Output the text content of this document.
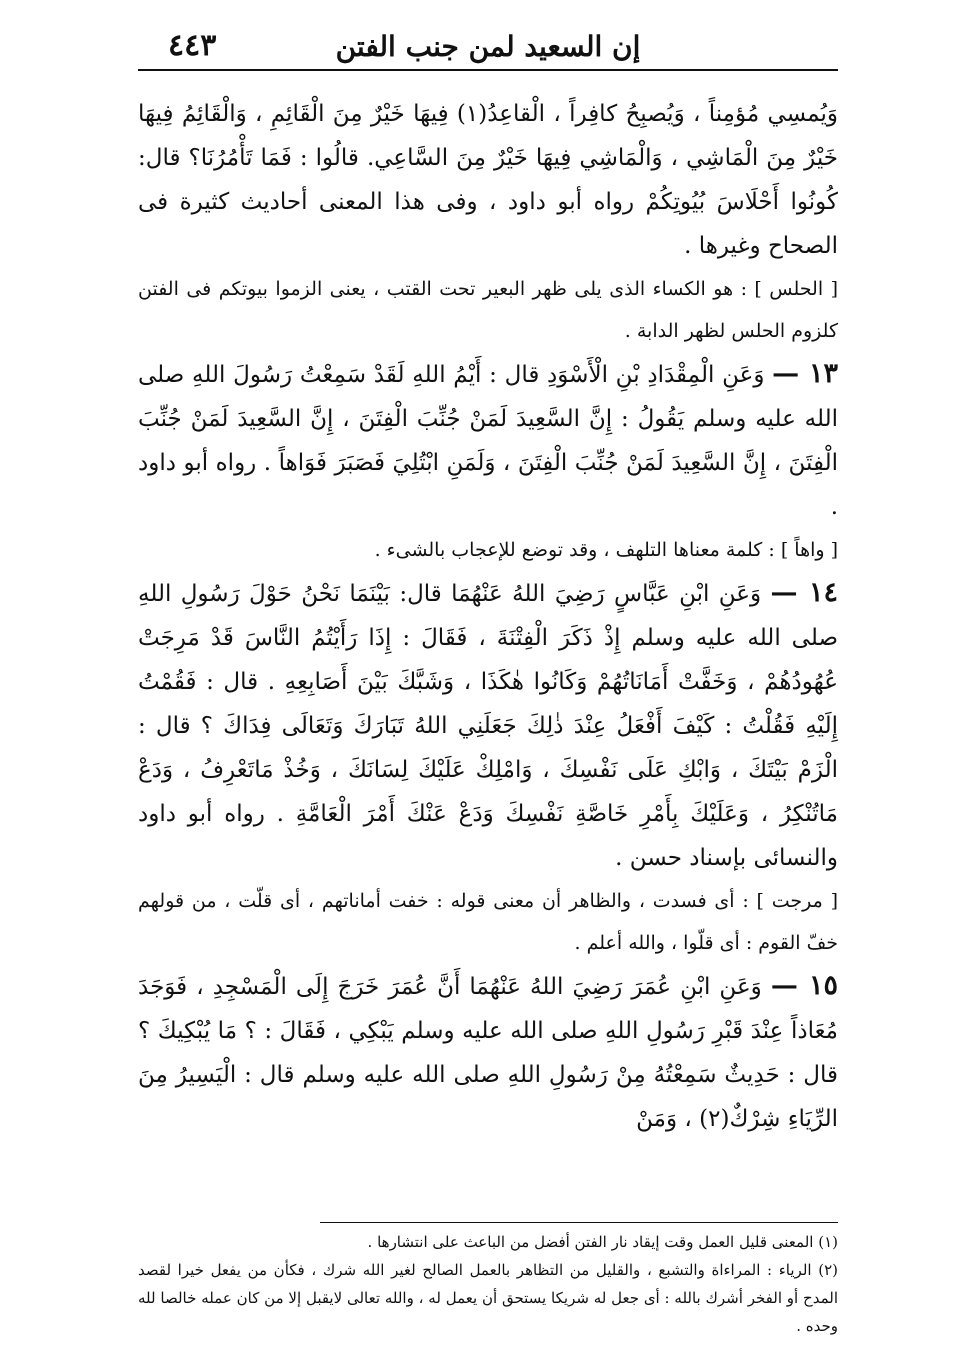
٤٤٣	إن السعيد لمن جنب الفتن

وَيُمسِي مُؤمِناً ، وَيُصبِحُ كافِراً ، الْقاعِدُ(١) فِيهَا خَيْرٌ مِنَ الْقَائِمِ ، وَالْقَائِمُ فِيهَا خَيْرٌ مِنَ الْمَاشِي ، وَالْمَاشِي فِيهَا خَيْرٌ مِنَ السَّاعِي. قالُوا : فَمَا تَأْمُرُنَا؟ قال: كُونُوا أَحْلَاسَ بُيُوتِكُمْ رواه أبو داود ، وفى هذا المعنى أحاديث كثيرة فى الصحاح وغيرها .

[ الحلس ] : هو الكساء الذى يلى ظهر البعير تحت القتب ، يعنى الزموا بيوتكم فى الفتن كلزوم الحلس لظهر الدابة .

١٣ — وَعَنِ الْمِقْدَادِ بْنِ الْأَسْوَدِ قال : أَيْمُ اللهِ لَقَدْ سَمِعْتُ رَسُولَ اللهِ صلى الله عليه وسلم يَقُولُ : إِنَّ السَّعِيدَ لَمَنْ جُنِّبَ الْفِتَنَ ، إِنَّ السَّعِيدَ لَمَنْ جُنِّبَ الْفِتَنَ ، إِنَّ السَّعِيدَ لَمَنْ جُنِّبَ الْفِتَنَ ، وَلَمَنِ ابْتُلِيَ فَصَبَرَ فَوَاهاً . رواه أبو داود .

[ واهاً ] : كلمة معناها التلهف ، وقد توضع للإعجاب بالشىء .

١٤ — وَعَنِ ابْنِ عَبَّاسٍ رَضِيَ اللهُ عَنْهُمَا قال: بَيْنَمَا نَحْنُ حَوْلَ رَسُولِ اللهِ صلى الله عليه وسلم إِذْ ذَكَرَ الْفِتْنَةَ ، فَقَالَ : إِذَا رَأَيْتُمُ النَّاسَ قَدْ مَرِجَتْ عُهُودُهُمْ ، وَخَفَّتْ أَمَانَاتُهُمْ وَكَانُوا هٰكَذَا ، وَشَبَّكَ بَيْنَ أَصَابِعِهِ . قال : فَقُمْتُ إِلَيْهِ فَقُلْتُ : كَيْفَ أَفْعَلُ عِنْدَ ذٰلِكَ جَعَلَنِي اللهُ تَبَارَكَ وَتَعَالَى فِدَاكَ ؟ قال : الْزَمْ بَيْتَكَ ، وَابْكِ عَلَى نَفْسِكَ ، وَامْلِكْ عَلَيْكَ لِسَانَكَ ، وَخُذْ مَاتَعْرِفُ ، وَدَعْ مَاتُنْكِرُ ، وَعَلَيْكَ بِأَمْرِ خَاصَّةِ نَفْسِكَ وَدَعْ عَنْكَ أَمْرَ الْعَامَّةِ . رواه أبو داود والنسائى بإسناد حسن .

[ مرجت ] : أى فسدت ، والظاهر أن معنى قوله : خفت أماناتهم ، أى قلّت ، من قولهم خفّ القوم : أى قلّوا ، والله أعلم .

١٥ — وَعَنِ ابْنِ عُمَرَ رَضِيَ اللهُ عَنْهُمَا أَنَّ عُمَرَ خَرَجَ إِلَى الْمَسْجِدِ ، فَوَجَدَ مُعَاذاً عِنْدَ قَبْرِ رَسُولِ اللهِ صلى الله عليه وسلم يَبْكِي ، فَقَالَ : ؟ مَا يُبْكِيكَ ؟ قال : حَدِيثٌ سَمِعْتُهُ مِنْ رَسُولِ اللهِ صلى الله عليه وسلم قال : الْيَسِيرُ مِنَ الرِّيَاءِ شِرْكٌ(٢) ، وَمَنْ

(١) المعنى قليل العمل وقت إيقاد نار الفتن أفضل من الباعث على انتشارها .

(٢) الرياء : المراءاة والتشبع ، والقليل من التظاهر بالعمل الصالح لغير الله شرك ، فكأن من يفعل خيرا لقصد المدح أو الفخر أشرك بالله : أى جعل له شريكا يستحق أن يعمل له ، والله تعالى لايقبل إلا من كان عمله خالصا لله وحده .
